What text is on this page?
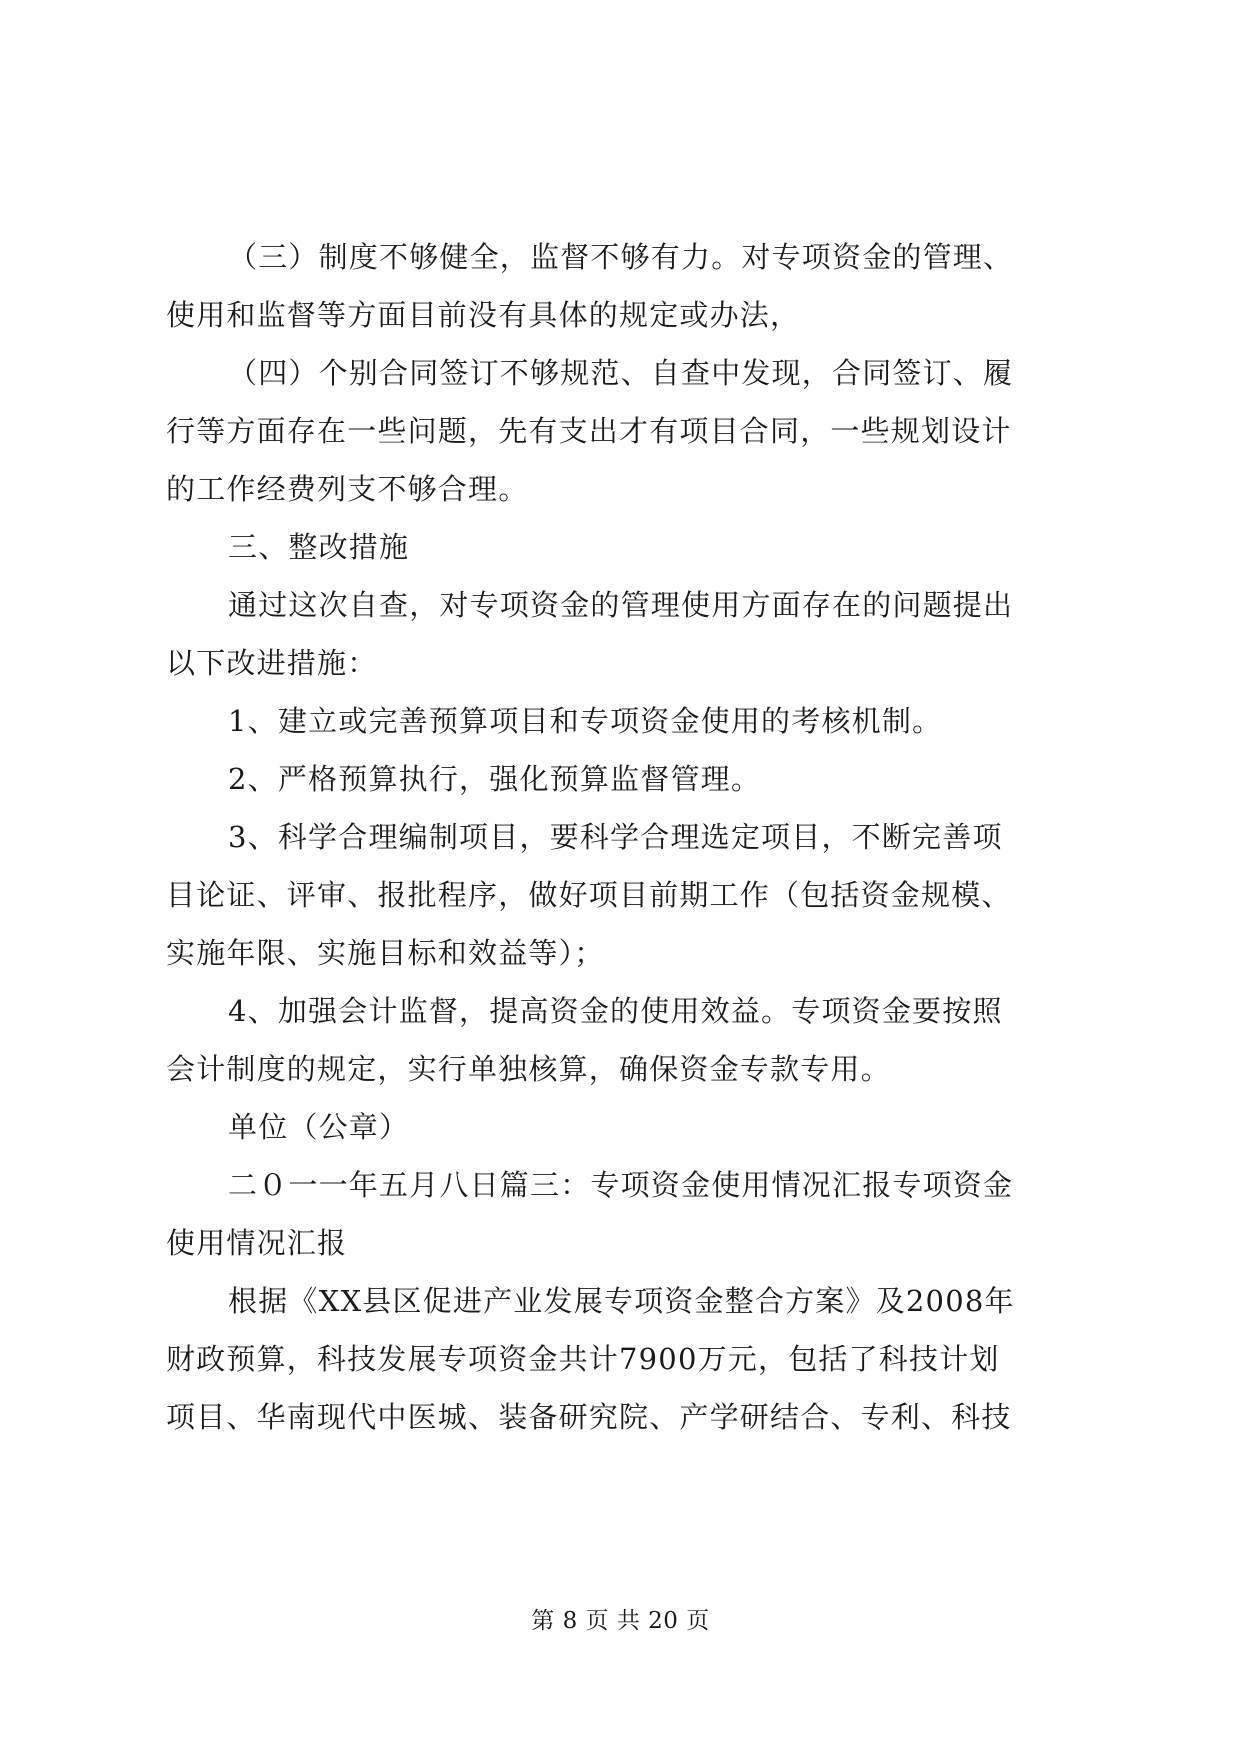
（三）制度不够健全，监督不够有力。对专项资金的管理、
使用和监督等方面目前没有具体的规定或办法，
（四）个别合同签订不够规范、自查中发现，合同签订、履
行等方面存在一些问题，先有支出才有项目合同，一些规划设计
的工作经费列支不够合理。
三、整改措施
通过这次自查，对专项资金的管理使用方面存在的问题提出
以下改进措施：
1、建立或完善预算项目和专项资金使用的考核机制。
2、严格预算执行，强化预算监督管理。
3、科学合理编制项目，要科学合理选定项目，不断完善项
目论证、评审、报批程序，做好项目前期工作（包括资金规模、
实施年限、实施目标和效益等）；
4、加强会计监督，提高资金的使用效益。专项资金要按照
会计制度的规定，实行单独核算，确保资金专款专用。
单位（公章）
二０一一年五月八日篇三：专项资金使用情况汇报专项资金
使用情况汇报
根据《XX县区促进产业发展专项资金整合方案》及2008年
财政预算，科技发展专项资金共计7900万元，包括了科技计划
项目、华南现代中医城、装备研究院、产学研结合、专利、科技
第 8 页 共 20 页
